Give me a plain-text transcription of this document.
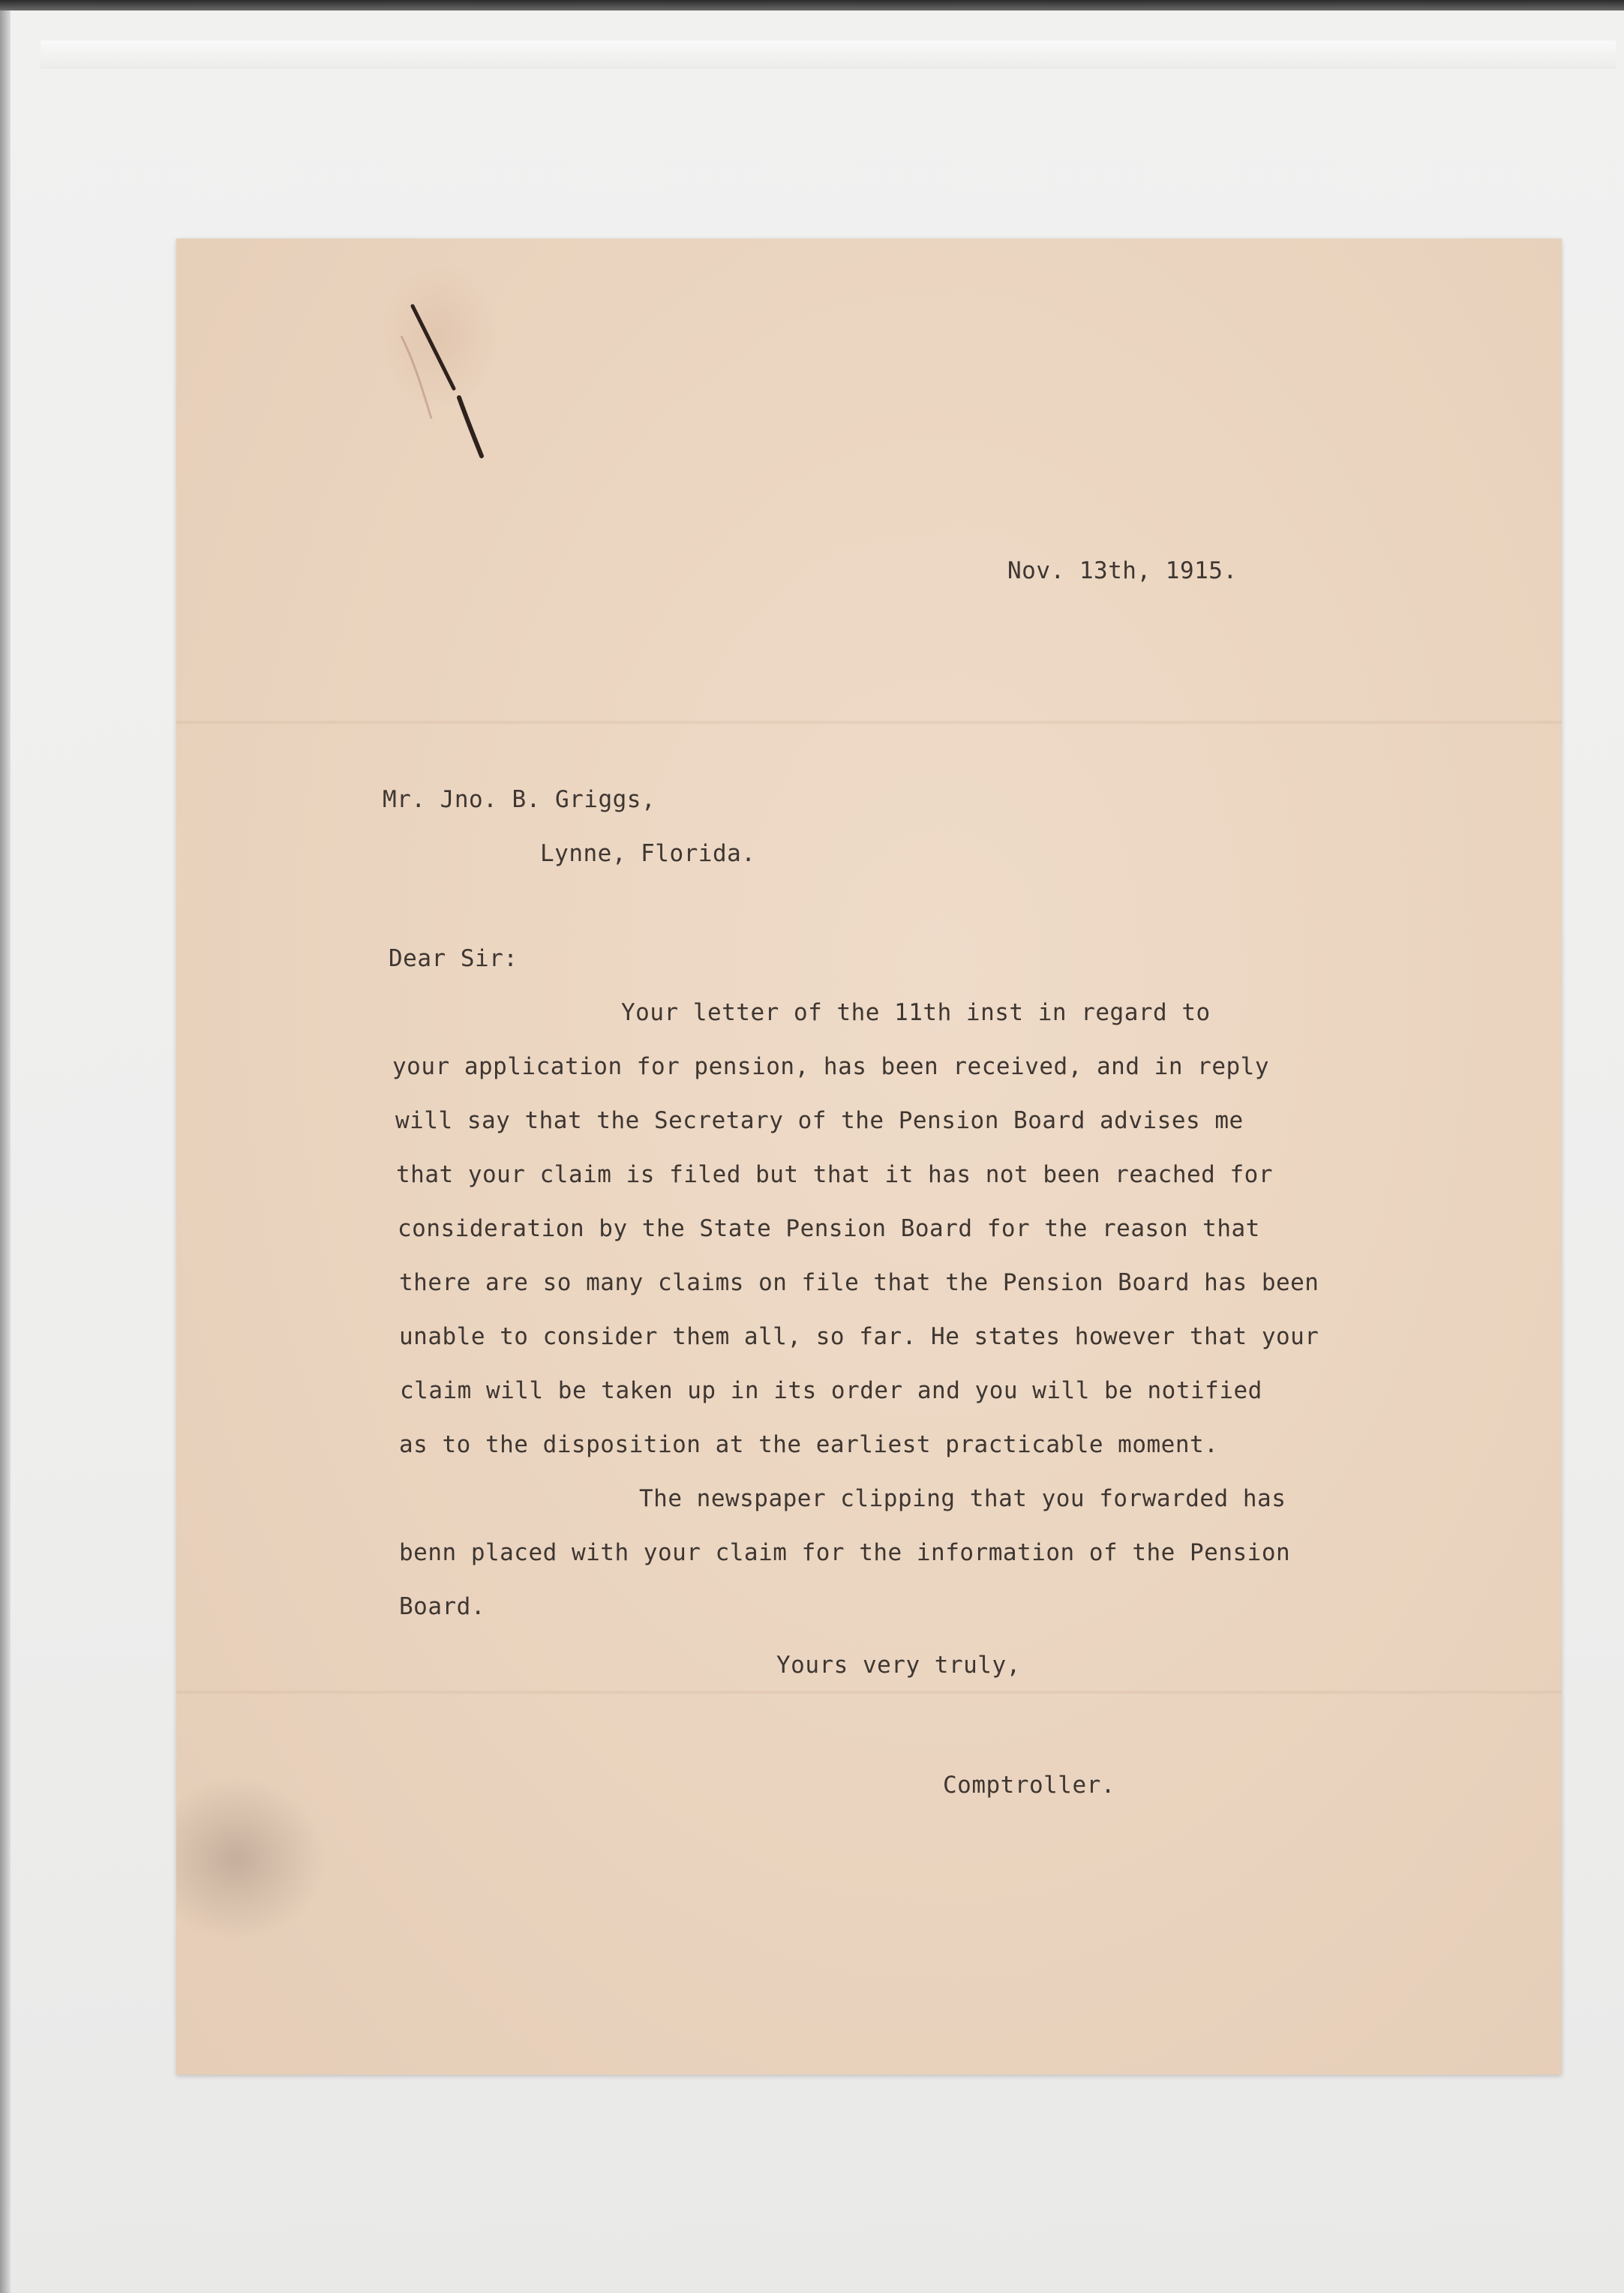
Nov. 13th, 1915.
Mr. Jno. B. Griggs,
Lynne, Florida.
Dear Sir:
Your letter of the 11th inst in regard to
your application for pension, has been received, and in reply
will say that the Secretary of the Pension Board advises me
that your claim is filed but that it has not been reached for
consideration by the State Pension Board for the reason that
there are so many claims on file that the Pension Board has been
unable to consider them all, so far. He states however that your
claim will be taken up in its order and you will be notified
as to the disposition at the earliest practicable moment.
The newspaper clipping that you forwarded has
benn placed with your claim for the information of the Pension
Board.
Yours very truly,
Comptroller.
